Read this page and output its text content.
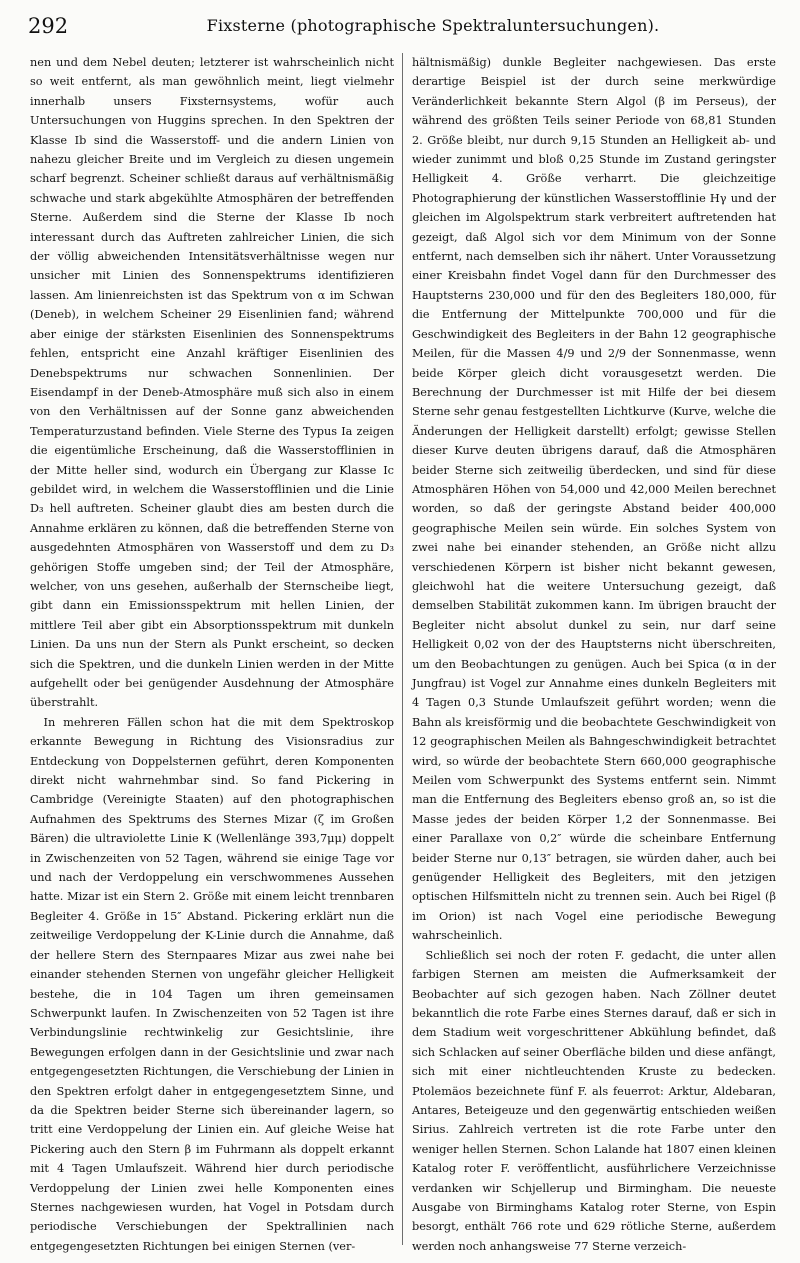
292	Fixsterne (photographische Spektraluntersuchungen).

nen und dem Nebel deuten; letzterer ist wahrscheinlich nicht so weit entfernt, als man gewöhnlich meint, liegt vielmehr innerhalb unsers Fixsternsystems, wofür auch Untersuchungen von Huggins sprechen. In den Spektren der Klasse Ib sind die Wasserstoff- und die andern Linien von nahezu gleicher Breite und im Vergleich zu diesen ungemein scharf begrenzt. Scheiner schließt daraus auf verhältnismäßig schwache und stark abgekühlte Atmosphären der betreffenden Sterne. Außerdem sind die Sterne der Klasse Ib noch interessant durch das Auftreten zahlreicher Linien, die sich der völlig abweichenden Intensitätsverhältnisse wegen nur unsicher mit Linien des Sonnenspektrums identifizieren lassen. Am linienreichsten ist das Spektrum von α im Schwan (Deneb), in welchem Scheiner 29 Eisenlinien fand; während aber einige der stärksten Eisenlinien des Sonnenspektrums fehlen, entspricht eine Anzahl kräftiger Eisenlinien des Denebspektrums nur schwachen Sonnenlinien. Der Eisendampf in der Deneb-Atmosphäre muß sich also in einem von den Verhältnissen auf der Sonne ganz abweichenden Temperaturzustand befinden. Viele Sterne des Typus Ia zeigen die eigentümliche Erscheinung, daß die Wasserstofflinien in der Mitte heller sind, wodurch ein Übergang zur Klasse Ic gebildet wird, in welchem die Wasserstofflinien und die Linie D₃ hell auftreten. Scheiner glaubt dies am besten durch die Annahme erklären zu können, daß die betreffenden Sterne von ausgedehnten Atmosphären von Wasserstoff und dem zu D₃ gehörigen Stoffe umgeben sind; der Teil der Atmosphäre, welcher, von uns gesehen, außerhalb der Sternscheibe liegt, gibt dann ein Emissionsspektrum mit hellen Linien, der mittlere Teil aber gibt ein Absorptionsspektrum mit dunkeln Linien. Da uns nun der Stern als Punkt erscheint, so decken sich die Spektren, und die dunkeln Linien werden in der Mitte aufgehellt oder bei genügender Ausdehnung der Atmosphäre überstrahlt.

In mehreren Fällen schon hat die mit dem Spektroskop erkannte Bewegung in Richtung des Visionsradius zur Entdeckung von Doppelsternen geführt, deren Komponenten direkt nicht wahrnehmbar sind. So fand Pickering in Cambridge (Vereinigte Staaten) auf den photographischen Aufnahmen des Spektrums des Sternes Mizar (ζ im Großen Bären) die ultraviolette Linie K (Wellenlänge 393,7μμ) doppelt in Zwischenzeiten von 52 Tagen, während sie einige Tage vor und nach der Verdoppelung ein verschwommenes Aussehen hatte. Mizar ist ein Stern 2. Größe mit einem leicht trennbaren Begleiter 4. Größe in 15″ Abstand. Pickering erklärt nun die zeitweilige Verdoppelung der K-Linie durch die Annahme, daß der hellere Stern des Sternpaares Mizar aus zwei nahe bei einander stehenden Sternen von ungefähr gleicher Helligkeit bestehe, die in 104 Tagen um ihren gemeinsamen Schwerpunkt laufen. In Zwischenzeiten von 52 Tagen ist ihre Verbindungslinie rechtwinkelig zur Gesichtslinie, ihre Bewegungen erfolgen dann in der Gesichtslinie und zwar nach entgegengesetzten Richtungen, die Verschiebung der Linien in den Spektren erfolgt daher in entgegengesetztem Sinne, und da die Spektren beider Sterne sich übereinander lagern, so tritt eine Verdoppelung der Linien ein. Auf gleiche Weise hat Pickering auch den Stern β im Fuhrmann als doppelt erkannt mit 4 Tagen Umlaufszeit. Während hier durch periodische Verdoppelung der Linien zwei helle Komponenten eines Sternes nachgewiesen wurden, hat Vogel in Potsdam durch periodische Verschiebungen der Spektrallinien nach entgegengesetzten Richtungen bei einigen Sternen (ver-

hältnismäßig) dunkle Begleiter nachgewiesen. Das erste derartige Beispiel ist der durch seine merkwürdige Veränderlichkeit bekannte Stern Algol (β im Perseus), der während des größten Teils seiner Periode von 68,81 Stunden 2. Größe bleibt, nur durch 9,15 Stunden an Helligkeit ab- und wieder zunimmt und bloß 0,25 Stunde im Zustand geringster Helligkeit 4. Größe verharrt. Die gleichzeitige Photographierung der künstlichen Wasserstofflinie Hγ und der gleichen im Algolspektrum stark verbreitert auftretenden hat gezeigt, daß Algol sich vor dem Minimum von der Sonne entfernt, nach demselben sich ihr nähert. Unter Voraussetzung einer Kreisbahn findet Vogel dann für den Durchmesser des Hauptsterns 230,000 und für den des Begleiters 180,000, für die Entfernung der Mittelpunkte 700,000 und für die Geschwindigkeit des Begleiters in der Bahn 12 geographische Meilen, für die Massen 4/9 und 2/9 der Sonnenmasse, wenn beide Körper gleich dicht vorausgesetzt werden. Die Berechnung der Durchmesser ist mit Hilfe der bei diesem Sterne sehr genau festgestellten Lichtkurve (Kurve, welche die Änderungen der Helligkeit darstellt) erfolgt; gewisse Stellen dieser Kurve deuten übrigens darauf, daß die Atmosphären beider Sterne sich zeitweilig überdecken, und sind für diese Atmosphären Höhen von 54,000 und 42,000 Meilen berechnet worden, so daß der geringste Abstand beider 400,000 geographische Meilen sein würde. Ein solches System von zwei nahe bei einander stehenden, an Größe nicht allzu verschiedenen Körpern ist bisher nicht bekannt gewesen, gleichwohl hat die weitere Untersuchung gezeigt, daß demselben Stabilität zukommen kann. Im übrigen braucht der Begleiter nicht absolut dunkel zu sein, nur darf seine Helligkeit 0,02 von der des Hauptsterns nicht überschreiten, um den Beobachtungen zu genügen. Auch bei Spica (α in der Jungfrau) ist Vogel zur Annahme eines dunkeln Begleiters mit 4 Tagen 0,3 Stunde Umlaufszeit geführt worden; wenn die Bahn als kreisförmig und die beobachtete Geschwindigkeit von 12 geographischen Meilen als Bahngeschwindigkeit betrachtet wird, so würde der beobachtete Stern 660,000 geographische Meilen vom Schwerpunkt des Systems entfernt sein. Nimmt man die Entfernung des Begleiters ebenso groß an, so ist die Masse jedes der beiden Körper 1,2 der Sonnenmasse. Bei einer Parallaxe von 0,2″ würde die scheinbare Entfernung beider Sterne nur 0,13″ betragen, sie würden daher, auch bei genügender Helligkeit des Begleiters, mit den jetzigen optischen Hilfsmitteln nicht zu trennen sein. Auch bei Rigel (β im Orion) ist nach Vogel eine periodische Bewegung wahrscheinlich.

Schließlich sei noch der roten F. gedacht, die unter allen farbigen Sternen am meisten die Aufmerksamkeit der Beobachter auf sich gezogen haben. Nach Zöllner deutet bekanntlich die rote Farbe eines Sternes darauf, daß er sich in dem Stadium weit vorgeschrittener Abkühlung befindet, daß sich Schlacken auf seiner Oberfläche bilden und diese anfängt, sich mit einer nichtleuchtenden Kruste zu bedecken. Ptolemäos bezeichnete fünf F. als feuerrot: Arktur, Aldebaran, Antares, Beteigeuze und den gegenwärtig entschieden weißen Sirius. Zahlreich vertreten ist die rote Farbe unter den weniger hellen Sternen. Schon Lalande hat 1807 einen kleinen Katalog roter F. veröffentlicht, ausführlichere Verzeichnisse verdanken wir Schjellerup und Birmingham. Die neueste Ausgabe von Birminghams Katalog roter Sterne, von Espin besorgt, enthält 766 rote und 629 rötliche Sterne, außerdem werden noch anhangsweise 77 Sterne verzeich-
